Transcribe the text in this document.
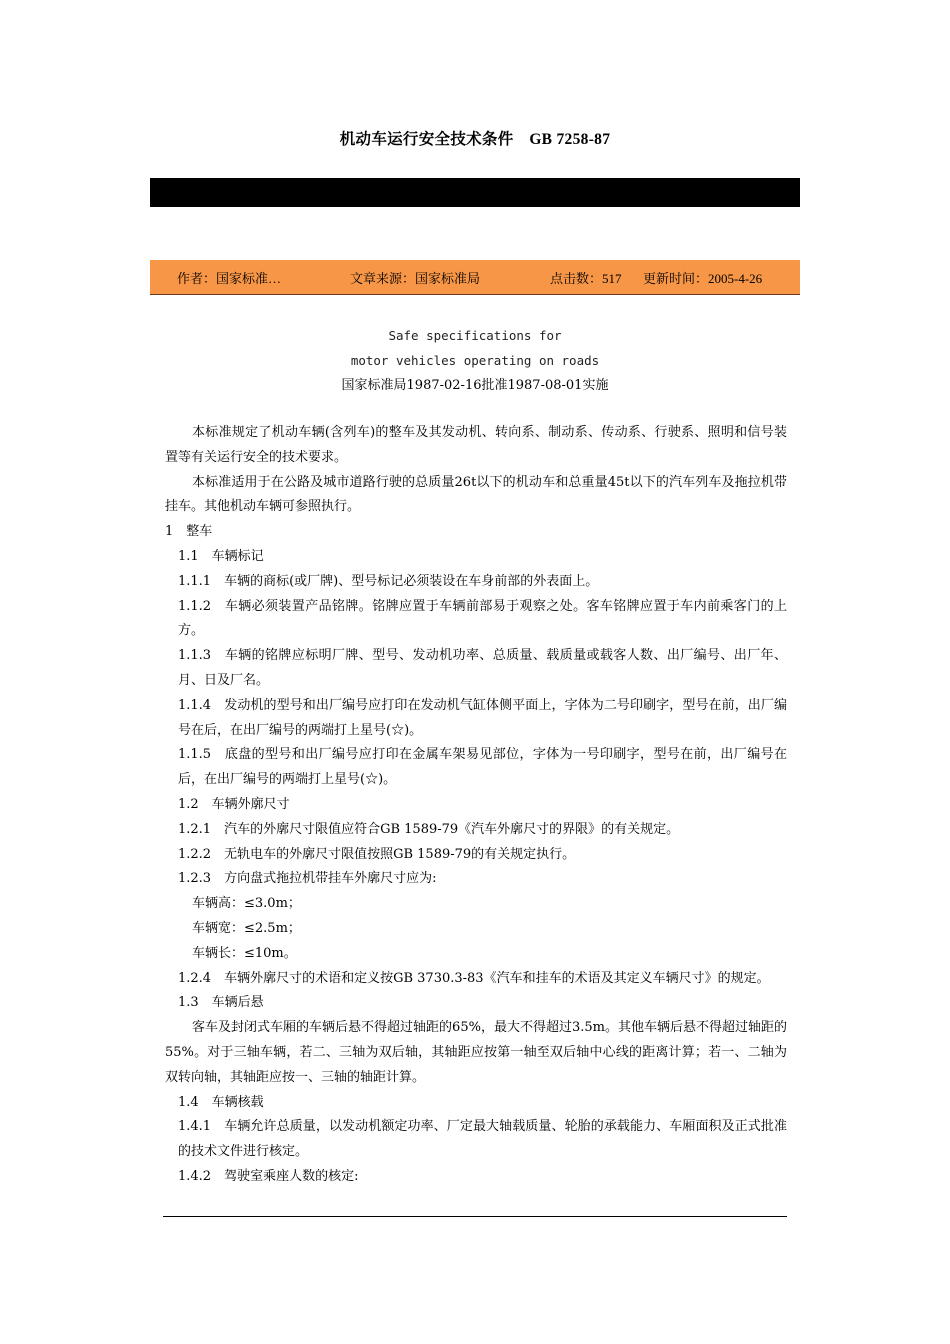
机动车运行安全技术条件　GB 7258-87
作者：国家标准…	文章来源：国家标准局	点击数：517 更新时间：2005-4-26
Safe specifications for
motor vehicles operating on roads
国家标准局1987-02-16批准1987-08-01实施

本标准规定了机动车辆(含列车)的整车及其发动机、转向系、制动系、传动系、行驶系、照明和信号装置等有关运行安全的技术要求。

本标准适用于在公路及城市道路行驶的总质量26t以下的机动车和总重量45t以下的汽车列车及拖拉机带挂车。其他机动车辆可参照执行。

1　整车

1.1　车辆标记

1.1.1　车辆的商标(或厂牌)、型号标记必须装设在车身前部的外表面上。

1.1.2　车辆必须装置产品铭牌。铭牌应置于车辆前部易于观察之处。客车铭牌应置于车内前乘客门的上方。

1.1.3　车辆的铭牌应标明厂牌、型号、发动机功率、总质量、载质量或载客人数、出厂编号、出厂年、月、日及厂名。

1.1.4　发动机的型号和出厂编号应打印在发动机气缸体侧平面上，字体为二号印刷字，型号在前，出厂编号在后，在出厂编号的两端打上星号(☆)。

1.1.5　底盘的型号和出厂编号应打印在金属车架易见部位，字体为一号印刷字，型号在前，出厂编号在后，在出厂编号的两端打上星号(☆)。

1.2　车辆外廓尺寸

1.2.1　汽车的外廓尺寸限值应符合GB 1589-79《汽车外廓尺寸的界限》的有关规定。

1.2.2　无轨电车的外廓尺寸限值按照GB 1589-79的有关规定执行。

1.2.3　方向盘式拖拉机带挂车外廓尺寸应为:

车辆高：≤3.0m；

车辆宽：≤2.5m；

车辆长：≤10m。

1.2.4　车辆外廓尺寸的术语和定义按GB 3730.3-83《汽车和挂车的术语及其定义车辆尺寸》的规定。

1.3　车辆后悬

客车及封闭式车厢的车辆后悬不得超过轴距的65%，最大不得超过3.5m。其他车辆后悬不得超过轴距的55%。对于三轴车辆，若二、三轴为双后轴，其轴距应按第一轴至双后轴中心线的距离计算；若一、二轴为双转向轴，其轴距应按一、三轴的轴距计算。

1.4　车辆核载

1.4.1　车辆允许总质量，以发动机额定功率、厂定最大轴载质量、轮胎的承载能力、车厢面积及正式批准的技术文件进行核定。

1.4.2　驾驶室乘座人数的核定:
